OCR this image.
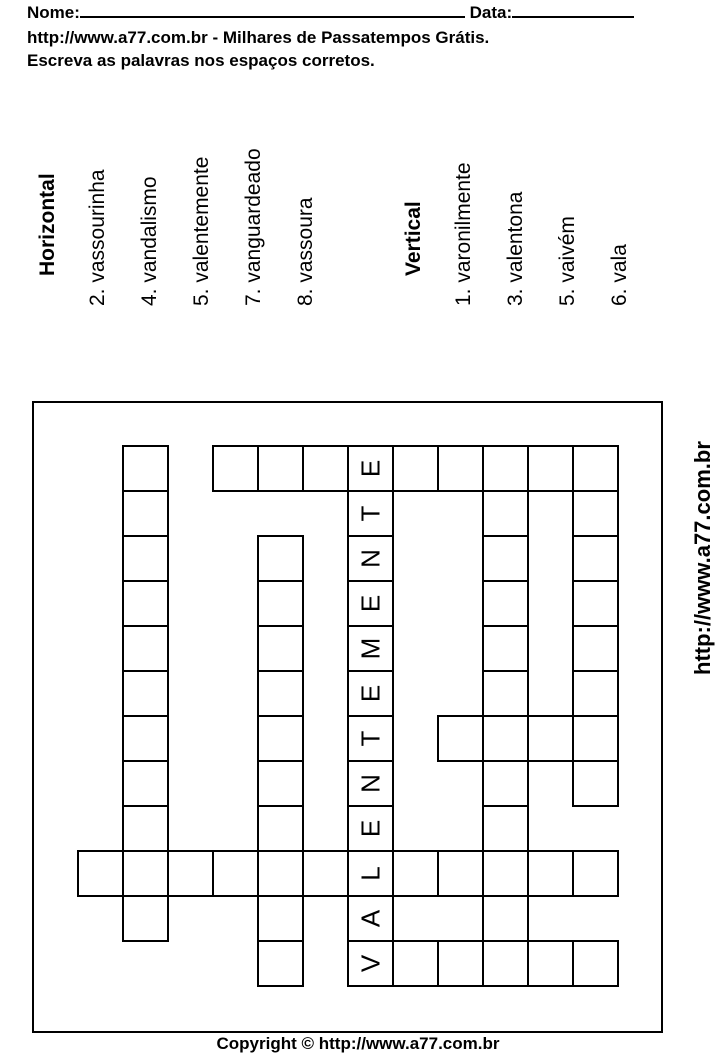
Nome:	Data:
http://www.a77.com.br - Milhares de Passatempos Grátis.
Escreva as palavras nos espaços corretos.
Horizontal 2. vassourinha 4. vandalismo 5. valentemente 7. vanguardeado 8. vassoura	Vertical 1. varonilmente 3. valentona 5. vaivém 6. vala
V
A
L
E
N
T
E
M
E
N
T
E	http://www.a77.com.br
Copyright © http://www.a77.com.br
